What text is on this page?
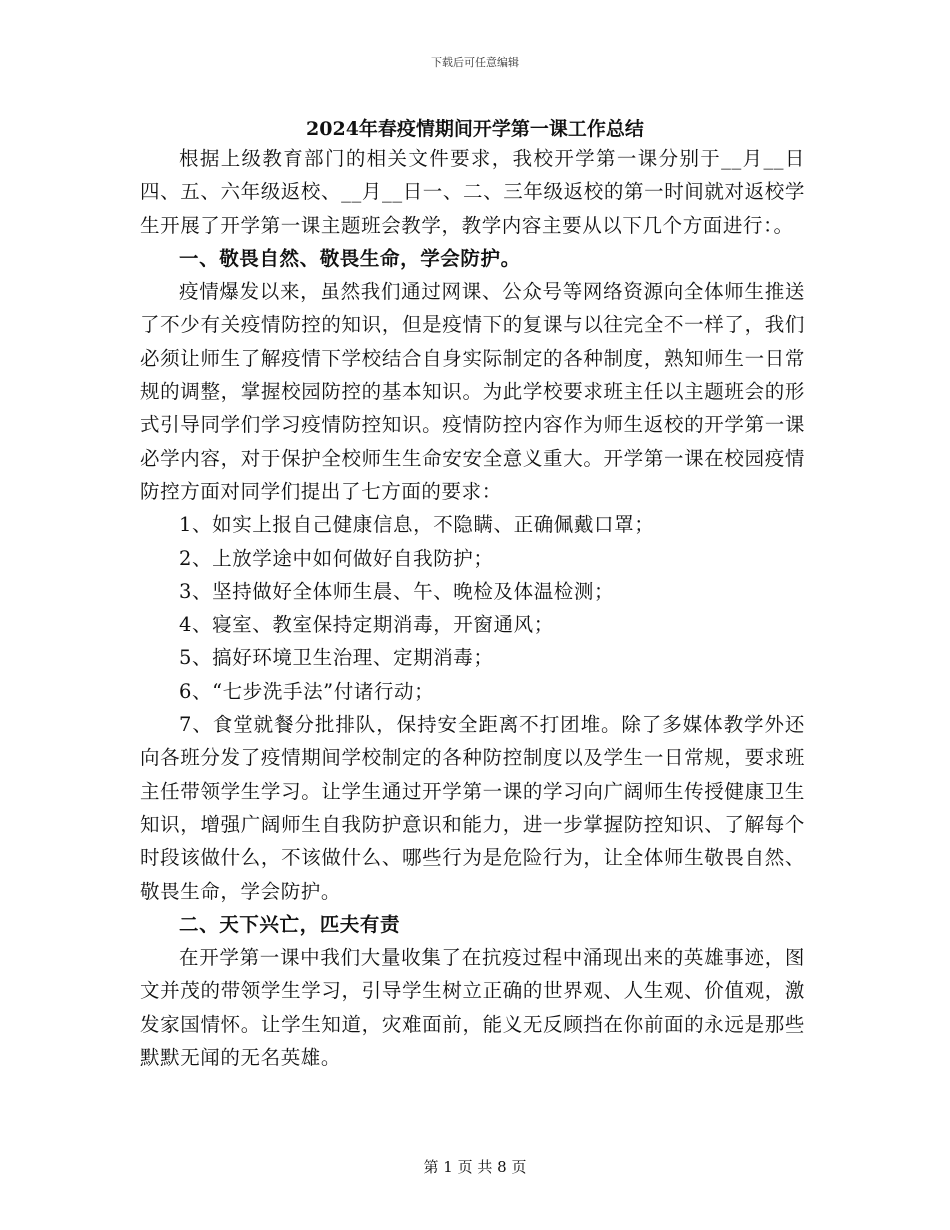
下载后可任意编辑
2024年春疫情期间开学第一课工作总结

根据上级教育部门的相关文件要求，我校开学第一课分别于__月__日四、五、六年级返校、__月__日一、二、三年级返校的第一时间就对返校学生开展了开学第一课主题班会教学，教学内容主要从以下几个方面进行：。

一、敬畏自然、敬畏生命，学会防护。

疫情爆发以来，虽然我们通过网课、公众号等网络资源向全体师生推送了不少有关疫情防控的知识，但是疫情下的复课与以往完全不一样了，我们必须让师生了解疫情下学校结合自身实际制定的各种制度，熟知师生一日常规的调整，掌握校园防控的基本知识。为此学校要求班主任以主题班会的形式引导同学们学习疫情防控知识。疫情防控内容作为师生返校的开学第一课必学内容，对于保护全校师生生命安安全意义重大。开学第一课在校园疫情防控方面对同学们提出了七方面的要求：

1、如实上报自己健康信息，不隐瞒、正确佩戴口罩；

2、上放学途中如何做好自我防护；

3、坚持做好全体师生晨、午、晚检及体温检测；

4、寝室、教室保持定期消毒，开窗通风；

5、搞好环境卫生治理、定期消毒；

6、“七步洗手法”付诸行动；

7、食堂就餐分批排队，保持安全距离不打团堆。除了多媒体教学外还向各班分发了疫情期间学校制定的各种防控制度以及学生一日常规，要求班主任带领学生学习。让学生通过开学第一课的学习向广阔师生传授健康卫生知识，增强广阔师生自我防护意识和能力，进一步掌握防控知识、了解每个时段该做什么，不该做什么、哪些行为是危险行为，让全体师生敬畏自然、敬畏生命，学会防护。

二、天下兴亡，匹夫有责

在开学第一课中我们大量收集了在抗疫过程中涌现出来的英雄事迹，图文并茂的带领学生学习，引导学生树立正确的世界观、人生观、价值观，激发家国情怀。让学生知道，灾难面前，能义无反顾挡在你前面的永远是那些默默无闻的无名英雄。

第 1 页 共 8 页
